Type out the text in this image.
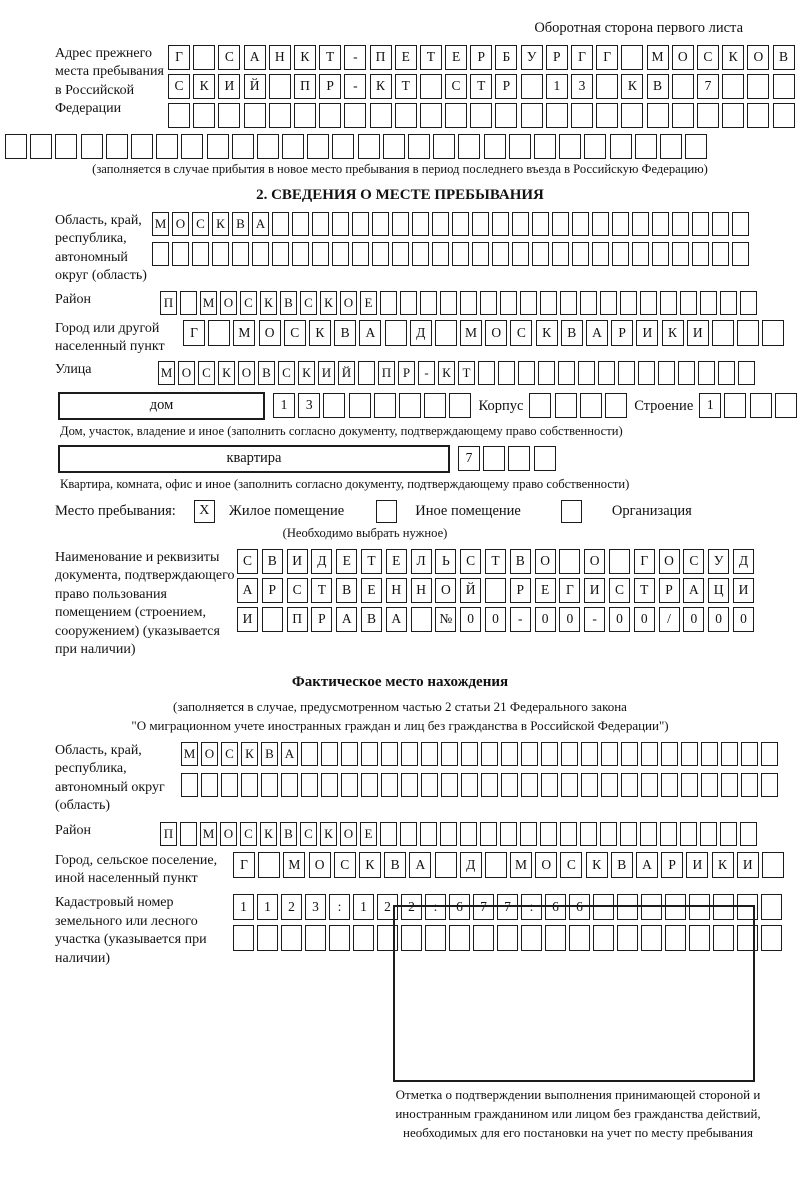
Оборотная сторона первого листа
Адрес прежнего места пребывания в Российской Федерации
Г	С	А	Н	К	Т	-	П	Е	Т	Е	Р	Б	У	Р	Г	Г	М	О	С	К	О	В
С	К	И	Й	П	Р	-	К	Т	С	Т	Р	1	3	К	В	7
(заполняется в случае прибытия в новое место пребывания в период последнего въезда в Российскую Федерацию)
2. СВЕДЕНИЯ О МЕСТЕ ПРЕБЫВАНИЯ
Область, край, республика, автономный округ (область)
М О С К В А
Район	П М О С К В С К О Е
Город или другой населенный пункт
Г	М	О	С	К	В	А	Д	М	О	С	К	В	А	Р	И	К	И
Улица	М О С К О В С К И Й П Р	-	К Т
дом	1	3	Корпус	Строение	1
Дом, участок, владение и иное (заполнить согласно документу, подтверждающему право собственности)
квартира	7
Квартира, комната, офис и иное (заполнить согласно документу, подтверждающему право собственности)
Место пребывания: X Жилое помещение	Иное помещение	Организация
(Необходимо выбрать нужное)
Наименование и реквизиты документа, подтверждающего право пользования помещением (строением, сооружением) (указывается при наличии)
С	В	И	Д	Е	Т	Е	Л	Ь	С	Т	В	О	О	Г	О	С	У	Д
А	Р	С	Т	В	Е	Н	Н	О	Й	Р	Е	Г	И	С	Т	Р	А	Ц	И
И	П	Р	А	В	А	№	0	0	-	0	0	-	0	0	/	0	0	0
Фактическое место нахождения
(заполняется в случае, предусмотренном частью 2 статьи 21 Федерального закона
"О миграционном учете иностранных граждан и лиц без гражданства в Российской Федерации")
Область, край, республика, автономный округ (область)
М О С К В А
Район	П М О С К В С К О Е
Город, сельское поселение, иной населенный пункт
Г	М	О	С	К	В	А	Д	М	О	С	К	В	А	Р	И	К	И
Кадастровый номер земельного или лесного участка (указывается при наличии)
1	1	2	3	:	1	2	2	:	6	7	7	:	6	6
Отметка о подтверждении выполнения принимающей стороной и иностранным гражданином или лицом без гражданства действий, необходимых для его постановки на учет по месту пребывания
